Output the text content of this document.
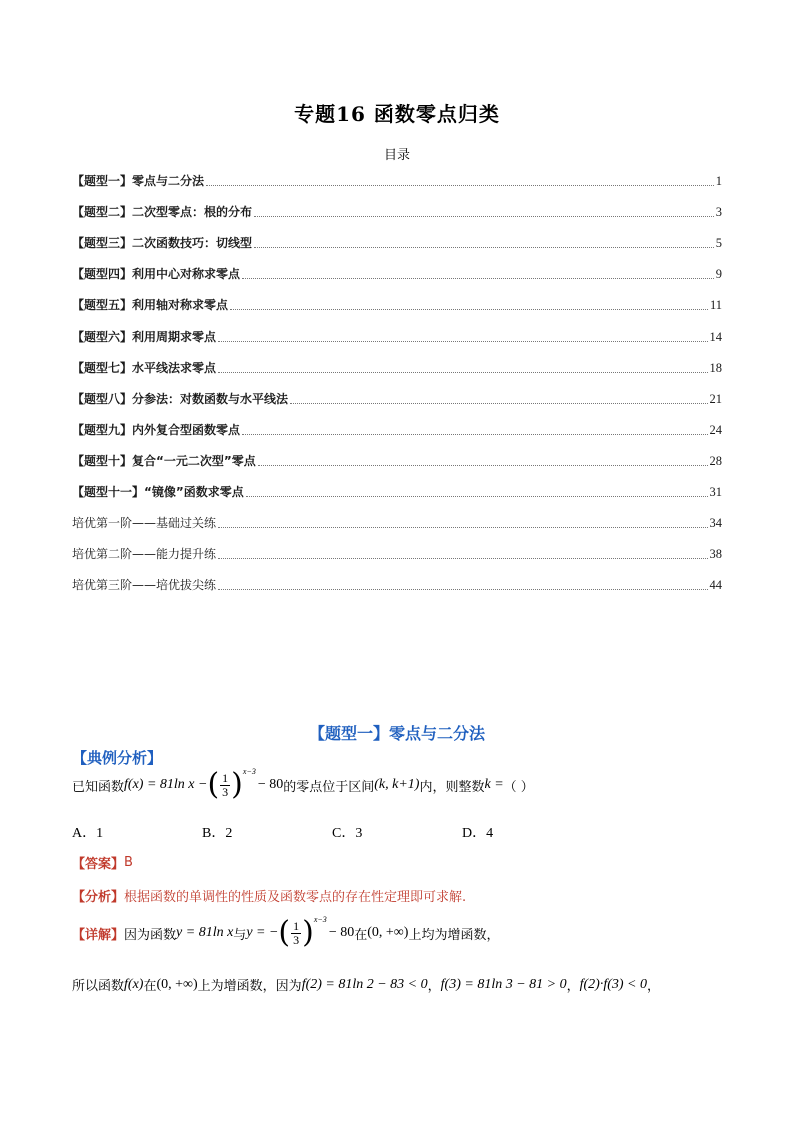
专题16 函数零点归类
目录
【题型一】零点与二分法	1
【题型二】二次型零点：根的分布	3
【题型三】二次函数技巧：切线型	5
【题型四】利用中心对称求零点	9
【题型五】利用轴对称求零点	11
【题型六】利用周期求零点	14
【题型七】水平线法求零点	18
【题型八】分参法：对数函数与水平线法	21
【题型九】内外复合型函数零点	24
【题型十】复合“一元二次型”零点	28
【题型十一】“镜像”函数求零点	31
培优第一阶——基础过关练	34
培优第二阶——能力提升练	38
培优第三阶——培优拔尖练	44
【题型一】零点与二分法
【典例分析】
已知函数 f(x) = 81ln x − ( $\frac{1}{3}$ ) x−3
− 80 的零点位于区间 (k, k+1) 内，则整数 k = （ ）
A．1	B．2	C．3	D．4
【答案】 B
【分析】 根据函数的单调性的性质及函数零点的存在性定理即可求解.
【详解】 因为函数 y = 81ln x 与 y = − ( $\frac{1}{3}$ ) x−3
− 80 在 (0, +∞) 上均为增函数，
所以函数 f(x) 在 (0, +∞) 上为增函数，因为 f(2) = 81ln 2 − 83 < 0 ， f(3) = 81ln 3 − 81 > 0 ， f(2)·f(3) < 0 ，
